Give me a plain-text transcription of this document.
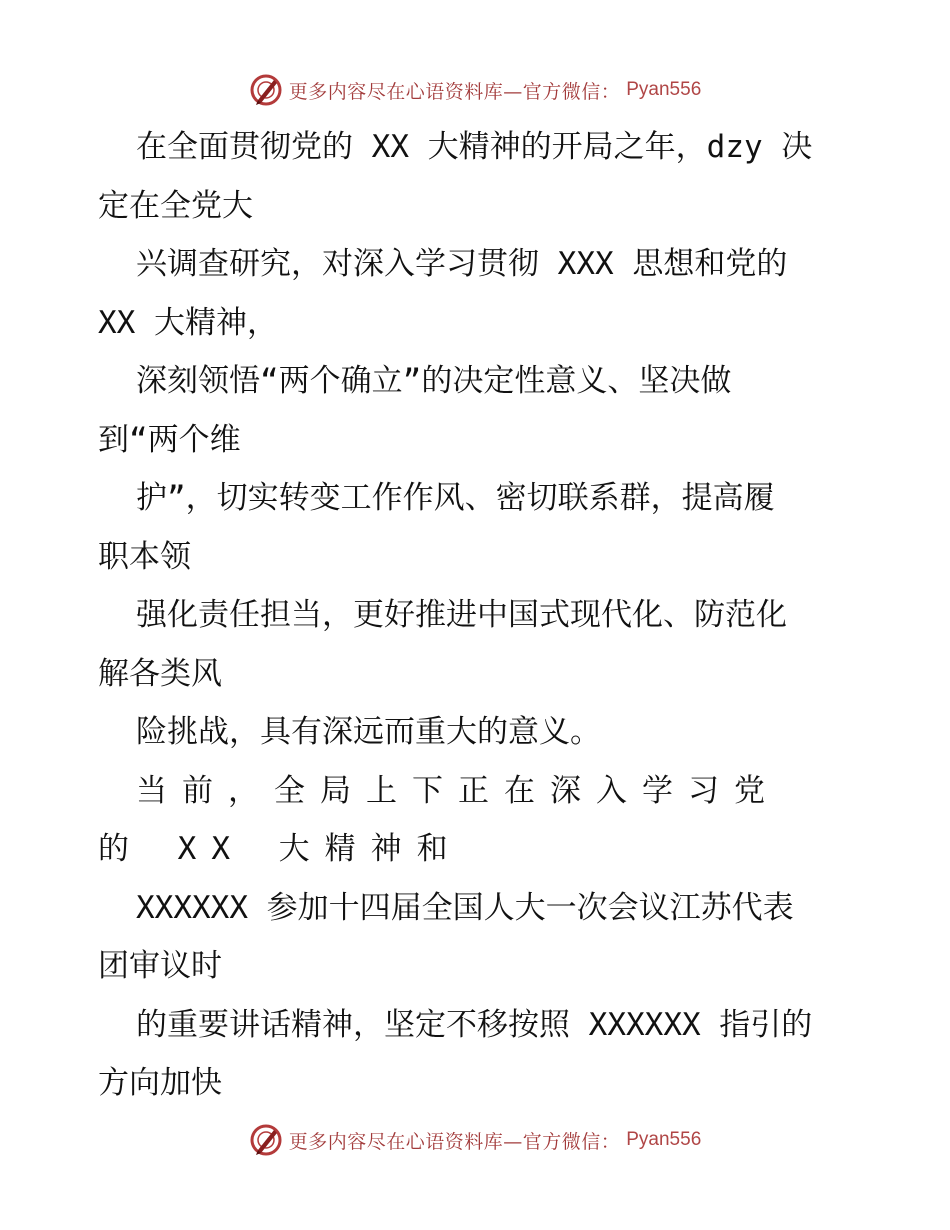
更多内容尽在心语资料库—官方微信： Pyan556
在全面贯彻党的 XX 大精神的开局之年，dzy 决
定在全党大
兴调查研究，对深入学习贯彻 XXX 思想和党的
XX 大精神，
深刻领悟“两个确立”的决定性意义、坚决做
到“两个维
护”，切实转变工作作风、密切联系群，提高履
职本领
强化责任担当，更好推进中国式现代化、防范化
解各类风
险挑战，具有深远而重大的意义。
当前，全局上下正在深入学习党
的 XX 大精神和
XXXXXX 参加十四届全国人大一次会议江苏代表
团审议时
的重要讲话精神，坚定不移按照 XXXXXX 指引的
方向加快
更多内容尽在心语资料库—官方微信： Pyan556
